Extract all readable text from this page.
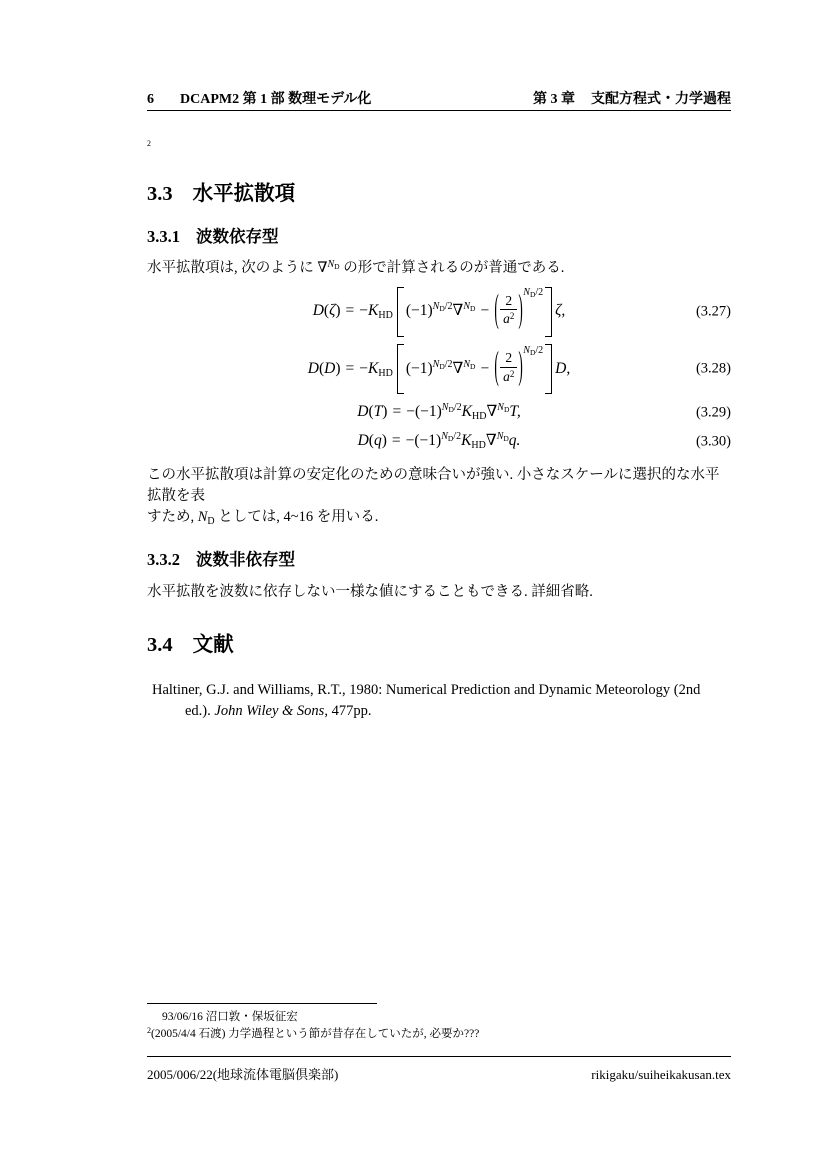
6 DCAPM2 第 1 部 数理モデル化	第 3 章 支配方程式・力学過程
$^2$
3.3 水平拡散項
3.3.1 波数依存型

水平拡散項は, 次のように ∇$^{N_D}$ の形で計算されるのが普通である.

$D(\zeta) = -K_{HD}$ $(-1)^{N_D/2}\nabla^{N_D}$ − ( $\frac{2}{a^2} )^{N_D/2}\zeta$,	(3.27)
$D(D) = -K_{HD}$ $(-1)^{N_D/2}\nabla^{N_D}$ − ( $\frac{2}{a^2} )^{N_D/2}D$,	(3.28)
$D(T) = -(-1)^{N_D/2}K_{HD}\nabla^{N_D}T$,	(3.29)
$D(q) = -(-1)^{N_D/2}K_{HD}\nabla^{N_D}q$.	(3.30)

この水平拡散項は計算の安定化のための意味合いが強い. 小さなスケールに選択的な水平拡散を表
すため, $N_D$ としては, 4~16 を用いる.

3.3.2 波数非依存型

水平拡散を波数に依存しない一様な値にすることもできる. 詳細省略.

3.4 文献

Haltiner, G.J. and Williams, R.T., 1980: Numerical Prediction and Dynamic Meteorology (2nd
ed.). John Wiley & Sons, 477pp.

93/06/16 沼口敦・保坂征宏
$^2$(2005/4/4 石渡) 力学過程という節が昔存在していたが, 必要か???
2005/006/22(地球流体電脳倶楽部)	rikigaku/suiheikakusan.tex
